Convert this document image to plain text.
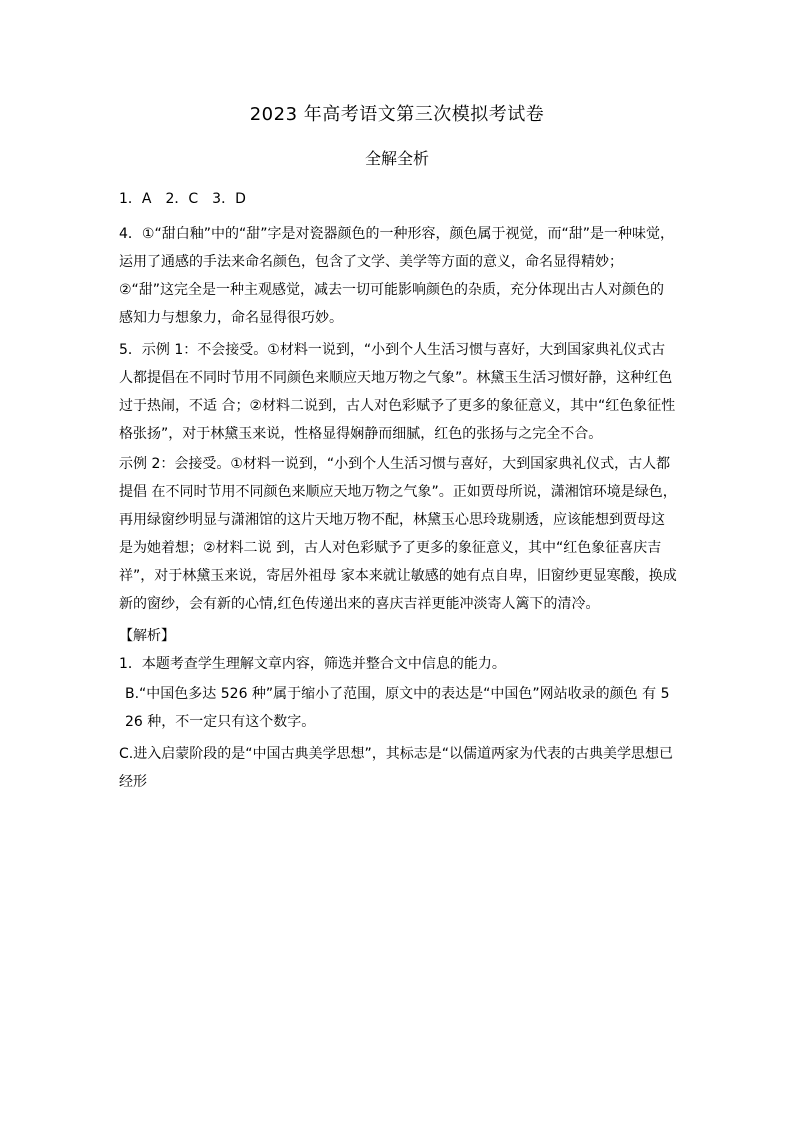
2023 年高考语文第三次模拟考试卷
全解全析

1．A　2．C　3．D

4．①“甜白釉”中的“甜”字是对瓷器颜色的一种形容，颜色属于视觉，而“甜”是一种味觉，运用了通感的手法来命名颜色，包含了文学、美学等方面的意义，命名显得精妙；②“甜”这完全是一种主观感觉，减去一切可能影响颜色的杂质，充分体现出古人对颜色的感知力与想象力，命名显得很巧妙。

5．示例 1：不会接受。①材料一说到，“小到个人生活习惯与喜好，大到国家典礼仪式古人都提倡在不同时节用不同颜色来顺应天地万物之气象”。林黛玉生活习惯好静，这种红色过于热闹，不适 合；②材料二说到，古人对色彩赋予了更多的象征意义，其中“红色象征性格张扬”，对于林黛玉来说，性格显得娴静而细腻，红色的张扬与之完全不合。

示例 2：会接受。①材料一说到，“小到个人生活习惯与喜好，大到国家典礼仪式，古人都提倡 在不同时节用不同颜色来顺应天地万物之气象”。正如贾母所说，潇湘馆环境是绿色，再用绿窗纱明显与潇湘馆的这片天地万物不配，林黛玉心思玲珑剔透，应该能想到贾母这是为她着想；②材料二说 到，古人对色彩赋予了更多的象征意义，其中“红色象征喜庆吉祥”，对于林黛玉来说，寄居外祖母 家本来就让敏感的她有点自卑，旧窗纱更显寒酸，换成新的窗纱，会有新的心情,红色传递出来的喜庆吉祥更能冲淡寄人篱下的清冷。

【解析】

1．本题考查学生理解文章内容，筛选并整合文中信息的能力。

B.“中国色多达 526 种”属于缩小了范围，原文中的表达是“中国色”网站收录的颜色 有 526 种，不一定只有这个数字。

C.进入启蒙阶段的是“中国古典美学思想”，其标志是“以儒道两家为代表的古典美学思想已经形
